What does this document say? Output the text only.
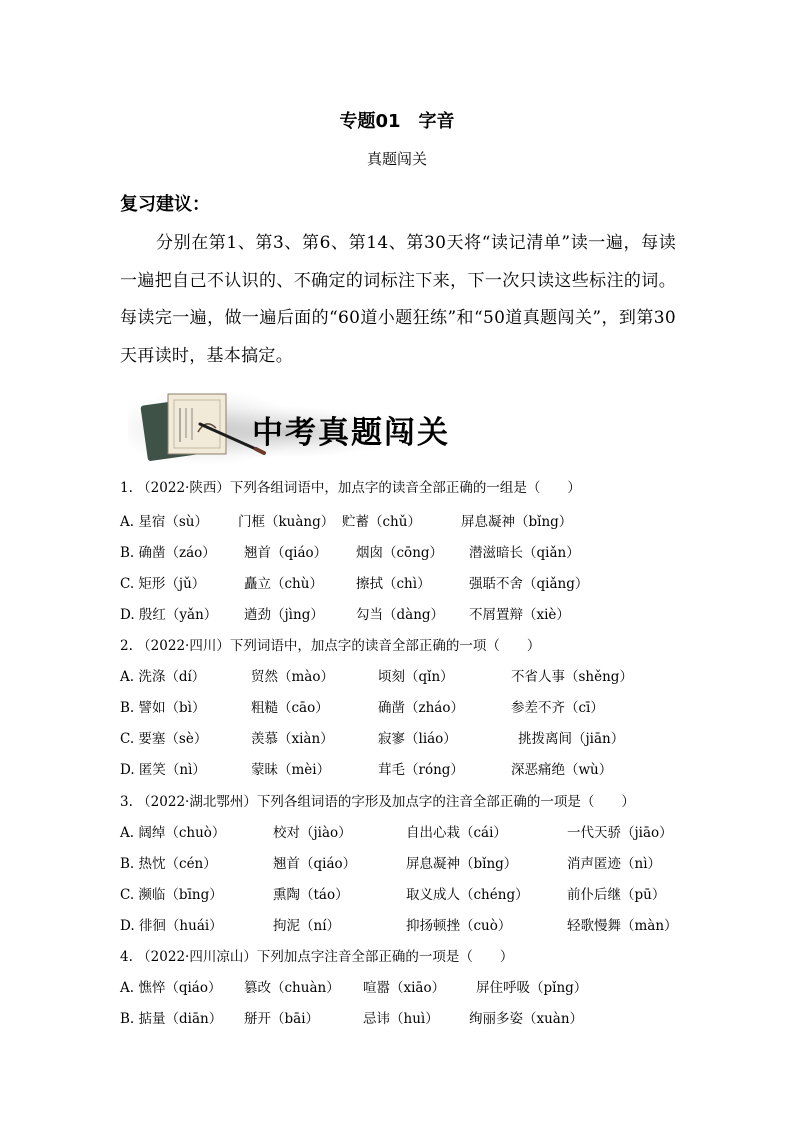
专题01　字音
真题闯关
复习建议：
分别在第1、第3、第6、第14、第30天将“读记清单”读一遍，每读一遍把自己不认识的、不确定的词标注下来，下一次只读这些标注的词。每读完一遍，做一遍后面的“60道小题狂练”和“50道真题闯关”，到第30天再读时，基本搞定。
中考真题闯关
1. （2022·陕西）下列各组词语中，加点字的读音全部正确的一组是（　　）
A. 星宿（sù） 门框（kuàng） 贮蓄（chǔ）	屏息凝神（bǐng）
B. 确凿（záo） 翘首（qiáo） 烟囱（cōng） 潜滋暗长（qiǎn）
C. 矩形（jǔ）	矗立（chù） 擦拭（chì）	强聒不舍（qiǎng）
D. 殷红（yǎn） 遒劲（jìng） 勾当（dàng） 不屑置辩（xiè）
2. （2022·四川）下列词语中，加点字的读音全部正确的一项（　　）
A. 洗涤（dí）	贸然（mào）	顷刻（qǐn）	不省人事（shěng）
B. 譬如（bì）	粗糙（cāo）	确凿（zháo）	参差不齐（cī）
C. 要塞（sè）	羡慕（xiàn）	寂寥（liáo）	挑拨离间（jiān）
D. 匿笑（nì）	蒙昧（mèi）	茸毛（róng）	深恶痛绝（wù）
3. （2022·湖北鄂州）下列各组词语的字形及加点字的注音全部正确的一项是（　　）
A. 阔绰（chuò）	校对（jiào）	自出心栽（cái）	一代天骄（jiāo）
B. 热忱（cén）	翘首（qiáo）	屏息凝神（bǐng）	消声匿迹（nì）
C. 濒临（bīng）	熏陶（táo）	取义成人（chéng）	前仆后继（pū）
D. 徘徊（huái）	拘泥（ní）	抑扬顿挫（cuò）	轻歌慢舞（màn）
4. （2022·四川凉山）下列加点字注音全部正确的一项是（　　）
A. 憔悴（qiáo） 篡改（chuàn） 喧嚣（xiāo） 屏住呼吸（pǐng）
B. 掂量（diān） 掰开（bāi）	忌讳（huì） 绚丽多姿（xuàn）
